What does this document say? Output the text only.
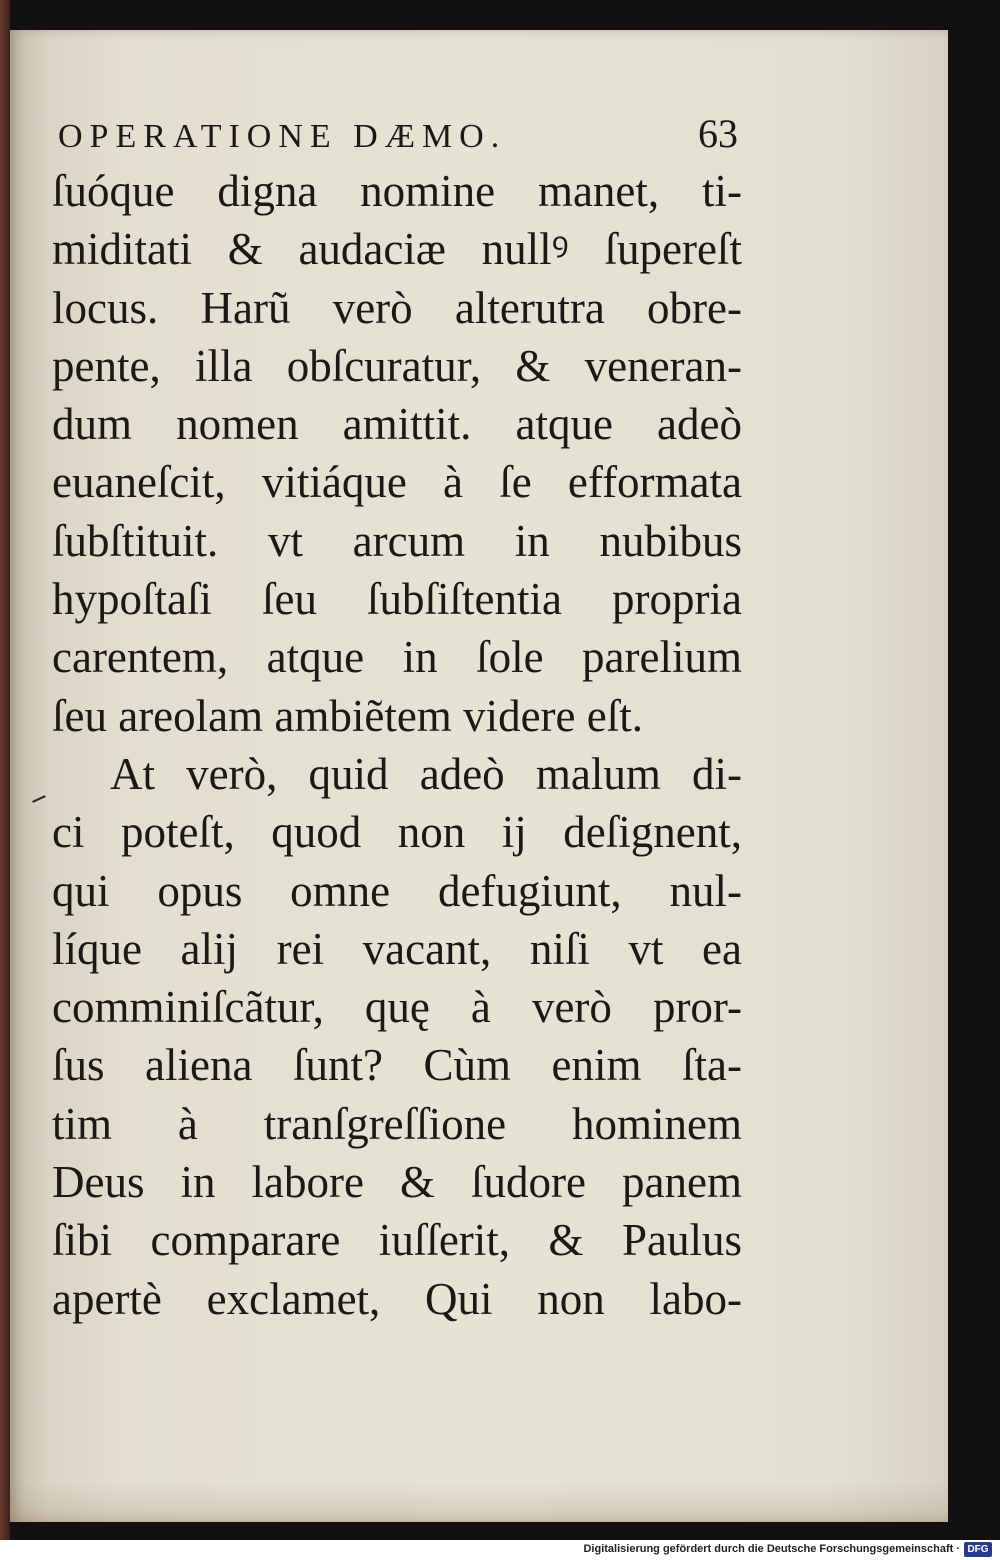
OPERATIONE DÆMO.	63
ſuóque digna nomine manet, ti-
miditati & audaciæ nullꝰ ſupereſt
locus. Harũ verò alterutra obre-
pente, illa obſcuratur, & veneran-
dum nomen amittit. atque adeò
euaneſcit, vitiáque à ſe efformata
ſubſtituit. vt arcum in nubibus
hypoſtaſi ſeu ſubſiſtentia propria
carentem, atque in ſole parelium
ſeu areolam ambiẽtem videre eſt.
At verò, quid adeò malum di-
ci poteſt, quod non ij deſignent,
qui opus omne defugiunt, nul-
líque alij rei vacant, niſi vt ea
comminiſcãtur, quę à verò pror-
ſus aliena ſunt? Cùm enim ſta-
tim à tranſgreſſione hominem
Deus in labore & ſudore panem
ſibi comparare iuſſerit, & Paulus
apertè exclamet, Qui non labo-
Digitalisierung gefördert durch die Deutsche Forschungsgemeinschaft · DFG
